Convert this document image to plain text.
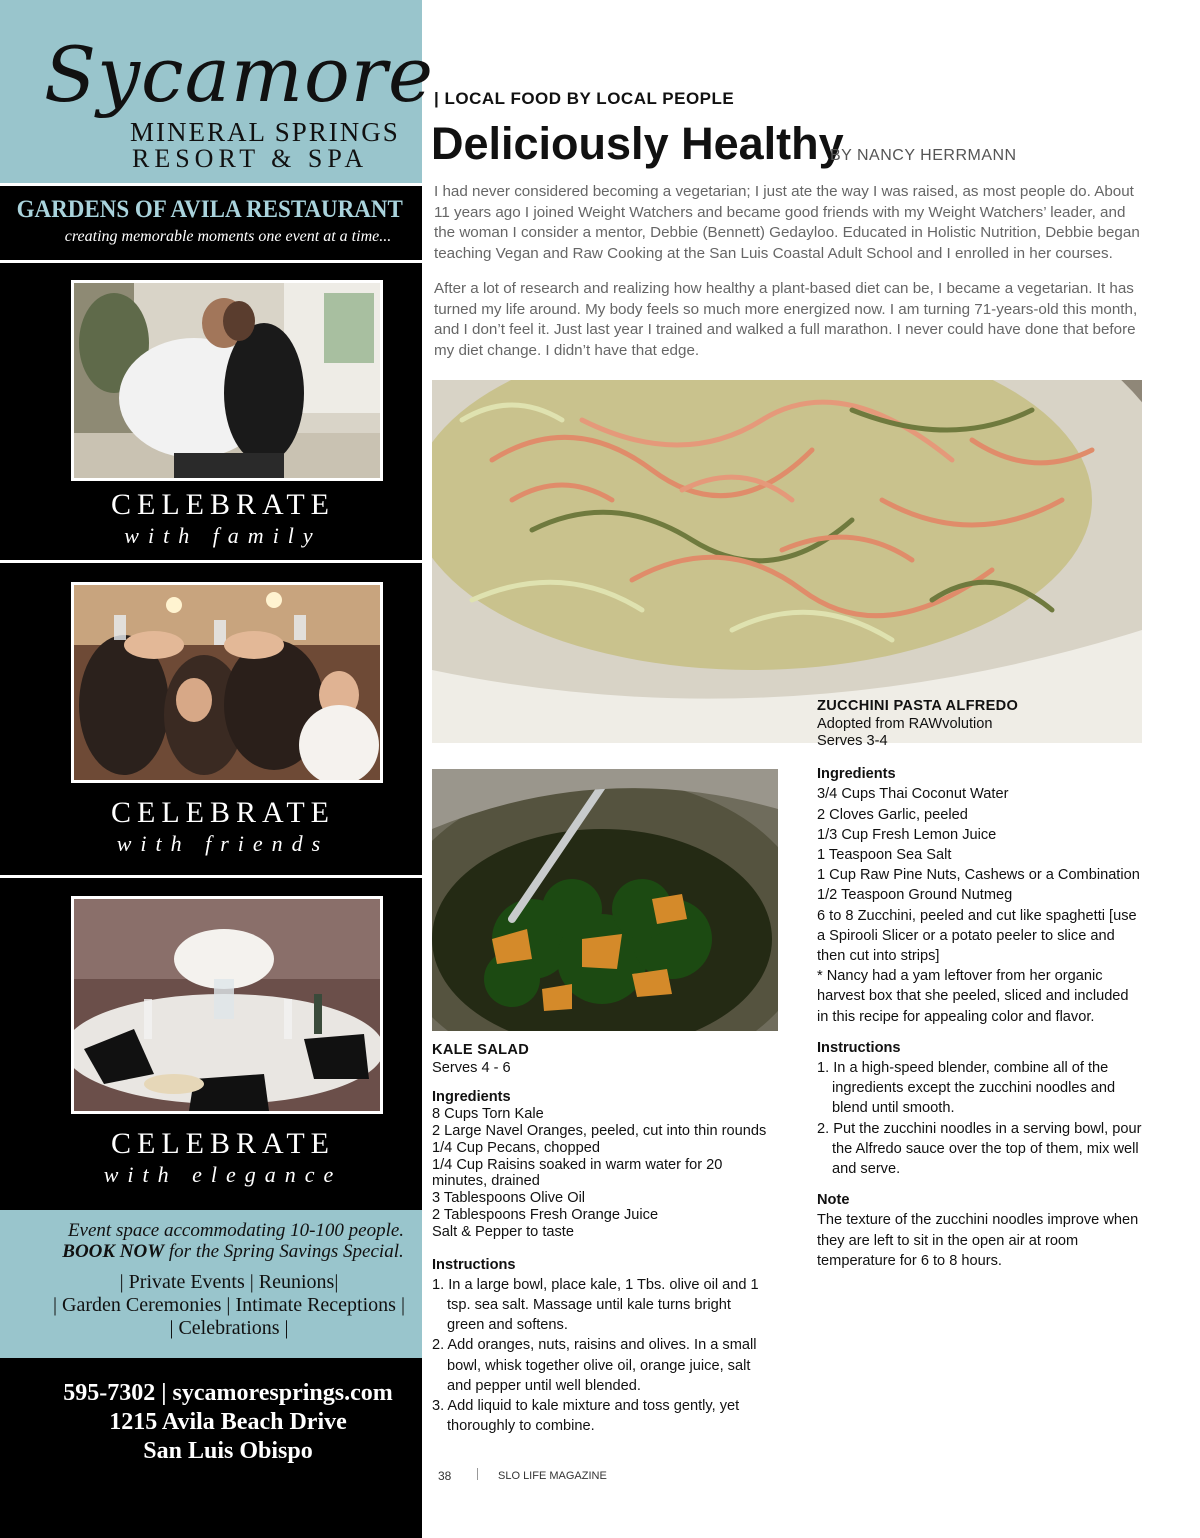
Sycamore
MINERAL SPRINGS
RESORT & SPA
GARDENS OF AVILA RESTAURANT
creating memorable moments one event at a time...
CELEBRATE
with family
CELEBRATE
with friends
CELEBRATE
with elegance
Event space accommodating 10-100 people.
BOOK NOW for the Spring Savings Special.
| Private Events | Reunions|
| Garden Ceremonies | Intimate Receptions |
| Celebrations |
595-7302 | sycamoresprings.com
1215 Avila Beach Drive
San Luis Obispo
| LOCAL FOOD BY LOCAL PEOPLE
Deliciously Healthy
BY NANCY HERRMANN

I had never considered becoming a vegetarian; I just ate the way I was raised, as most people do. About 11 years ago I joined Weight Watchers and became good friends with my Weight Watchers’ leader, and the woman I consider a mentor, Debbie (Bennett) Gedayloo. Educated in Holistic Nutrition, Debbie began teaching Vegan and Raw Cooking at the San Luis Coastal Adult School and I enrolled in her courses.

After a lot of research and realizing how healthy a plant-based diet can be, I became a vegetarian. It has turned my life around. My body feels so much more energized now. I am turning 71-years-old this month, and I don’t feel it. Just last year I trained and walked a full marathon. I never could have done that before my diet change. I didn’t have that edge.

ZUCCHINI PASTA ALFREDO
Adopted from RAWvolution
Serves 3-4
Ingredients
3/4 Cups Thai Coconut Water
2 Cloves Garlic, peeled
1/3 Cup Fresh Lemon Juice
1 Teaspoon Sea Salt
1 Cup Raw Pine Nuts, Cashews or a Combination
1/2 Teaspoon Ground Nutmeg
6 to 8 Zucchini, peeled and cut like spaghetti [use a Spirooli Slicer or a potato peeler to slice and then cut into strips]
* Nancy had a yam leftover from her organic harvest box that she peeled, sliced and included in this recipe for appealing color and flavor.
Instructions

1. In a high-speed blender, combine all of the ingredients except the zucchini noodles and blend until smooth.

2. Put the zucchini noodles in a serving bowl, pour the Alfredo sauce over the top of them, mix well and serve.

Note
The texture of the zucchini noodles improve when they are left to sit in the open air at room temperature for 6 to 8 hours.
KALE SALAD
Serves 4 - 6
Ingredients
8 Cups Torn Kale
2 Large Navel Oranges, peeled, cut into thin rounds
1/4 Cup Pecans, chopped
1/4 Cup Raisins soaked in warm water for 20 minutes, drained
3 Tablespoons Olive Oil
2 Tablespoons Fresh Orange Juice
Salt & Pepper to taste
Instructions

1. In a large bowl, place kale, 1 Tbs. olive oil and 1 tsp. sea salt. Massage until kale turns bright green and softens.

2. Add oranges, nuts, raisins and olives. In a small bowl, whisk together olive oil, orange juice, salt and pepper until well blended.

3. Add liquid to kale mixture and toss gently, yet thoroughly to combine.

38	SLO LIFE MAGAZINE
